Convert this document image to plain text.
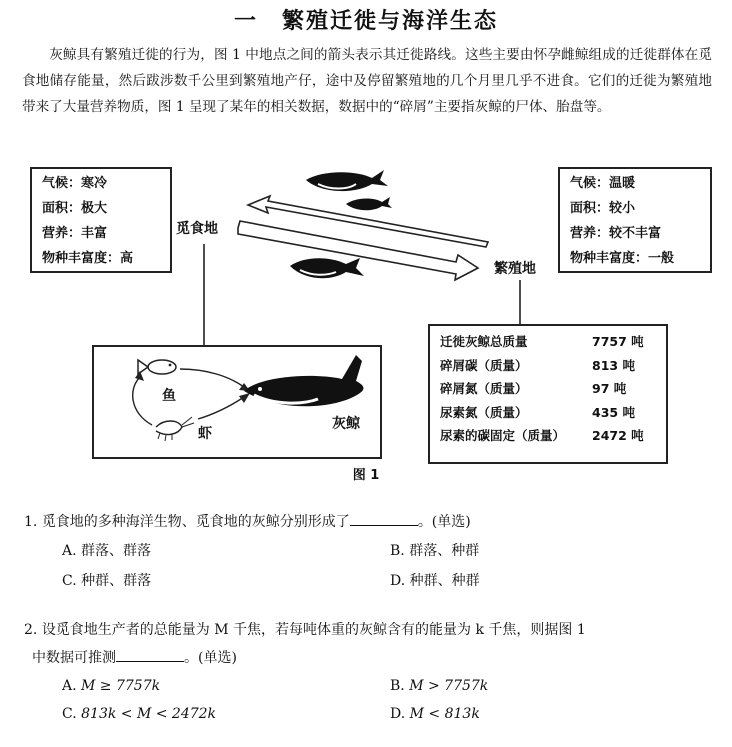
一　繁殖迁徙与海洋生态
灰鲸具有繁殖迁徙的行为，图 1 中地点之间的箭头表示其迁徙路线。这些主要由怀孕雌鲸组成的迁徙群体在觅食地储存能量，然后跋涉数千公里到繁殖地产仔，途中及停留繁殖地的几个月里几乎不进食。它们的迁徙为繁殖地带来了大量营养物质，图 1 呈现了某年的相关数据，数据中的“碎屑”主要指灰鲸的尸体、胎盘等。
气候：寒冷
面积：极大
营养：丰富
物种丰富度：高
气候：温暖
面积：较小
营养：较不丰富
物种丰富度：一般
觅食地
繁殖地
迁徙灰鲸总质量	7757 吨
碎屑碳（质量）	813 吨
碎屑氮（质量）	97 吨
尿素氮（质量）	435 吨
尿素的碳固定（质量）	2472 吨
鱼
虾
灰鲸
图 1
1. 觅食地的多种海洋生物、觅食地的灰鲸分别形成了	。(单选)
A. 群落、群落	B. 群落、种群
C. 种群、群落	D. 种群、种群
2. 设觅食地生产者的总能量为 M 千焦，若每吨体重的灰鲸含有的能量为 k 千焦，则据图 1
中数据可推测	。(单选)
A. M ≥ 7757k	B. M > 7757k
C. 813k < M < 2472k	D. M < 813k
